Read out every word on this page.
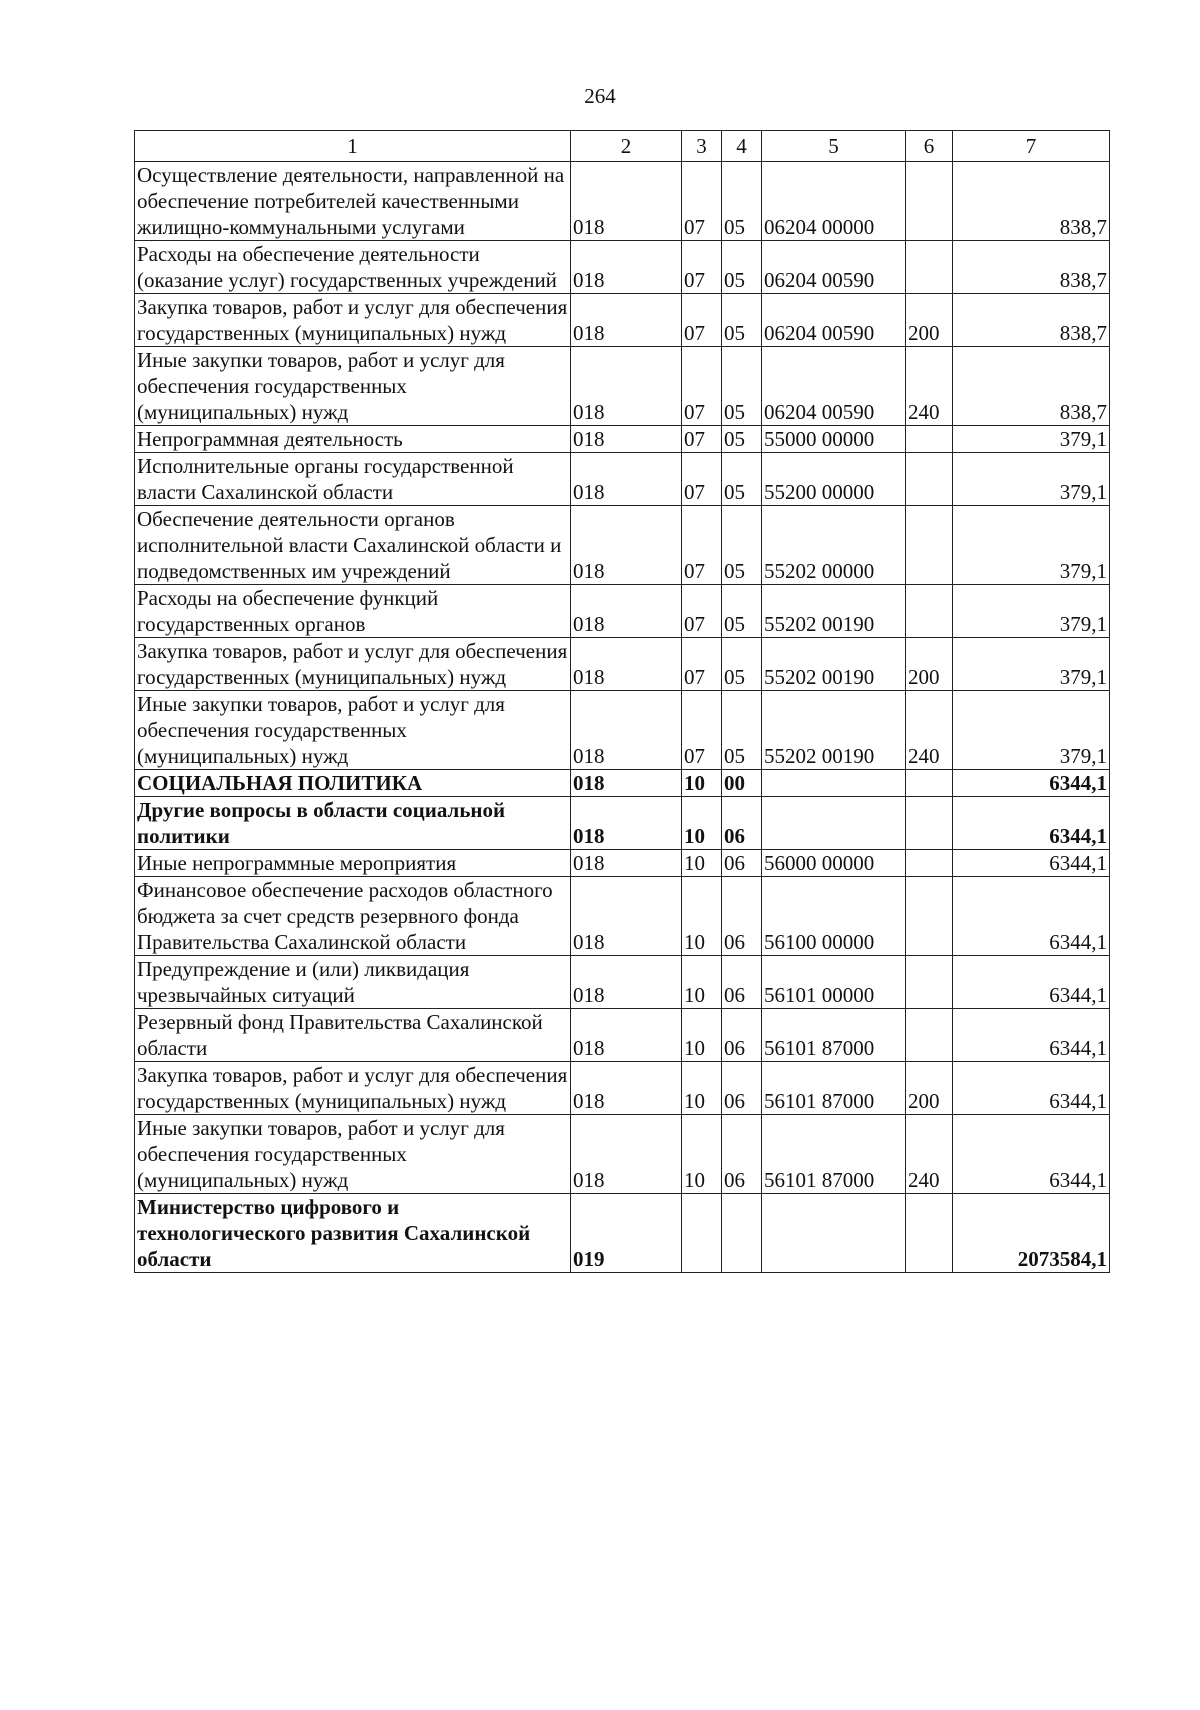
264
1	2	3	4	5	6	7
Осуществление деятельности, направленной на обеспечение потребителей качественными жилищно-коммунальными услугами	018	07	05	06204 00000		838,7
Расходы на обеспечение деятельности (оказание услуг) государственных учреждений	018	07	05	06204 00590		838,7
Закупка товаров, работ и услуг для обеспечения государственных (муниципальных) нужд	018	07	05	06204 00590	200	838,7
Иные закупки товаров, работ и услуг для обеспечения государственных (муниципальных) нужд	018	07	05	06204 00590	240	838,7
Непрограммная деятельность	018	07	05	55000 00000		379,1
Исполнительные органы государственной власти Сахалинской области	018	07	05	55200 00000		379,1
Обеспечение деятельности органов исполнительной власти Сахалинской области и подведомственных им учреждений	018	07	05	55202 00000		379,1
Расходы на обеспечение функций государственных органов	018	07	05	55202 00190		379,1
Закупка товаров, работ и услуг для обеспечения государственных (муниципальных) нужд	018	07	05	55202 00190	200	379,1
Иные закупки товаров, работ и услуг для обеспечения государственных (муниципальных) нужд	018	07	05	55202 00190	240	379,1
СОЦИАЛЬНАЯ ПОЛИТИКА	018	10	00			6344,1
Другие вопросы в области социальной политики	018	10	06			6344,1
Иные непрограммные мероприятия	018	10	06	56000 00000		6344,1
Финансовое обеспечение расходов областного бюджета за счет средств резервного фонда Правительства Сахалинской области	018	10	06	56100 00000		6344,1
Предупреждение и (или) ликвидация чрезвычайных ситуаций	018	10	06	56101 00000		6344,1
Резервный фонд Правительства Сахалинской области	018	10	06	56101 87000		6344,1
Закупка товаров, работ и услуг для обеспечения государственных (муниципальных) нужд	018	10	06	56101 87000	200	6344,1
Иные закупки товаров, работ и услуг для обеспечения государственных (муниципальных) нужд	018	10	06	56101 87000	240	6344,1
Министерство цифрового и технологического развития Сахалинской области	019					2073584,1
